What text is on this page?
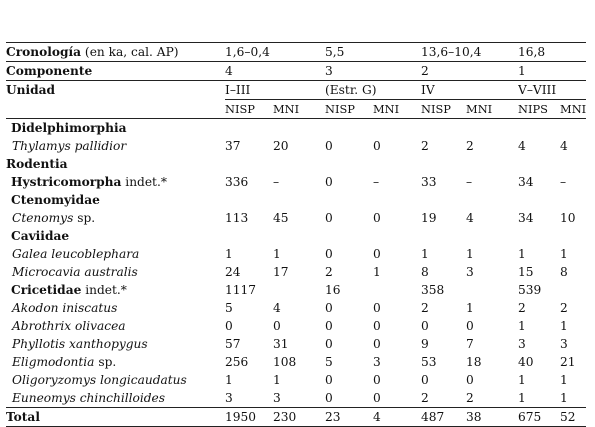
Cronología (en ka, cal. AP)	1,6–0,4		5,5		13,6–10,4		16,8	
Componente	4		3		2		1	
Unidad	I–III		(Estr. G)		IV		V–VIII	
	NISP	MNI	NISP	MNI	NISP	MNI	NIPS	MNI
Didelphimorphia								
Thylamys pallidior	37	20	0	0	2	2	4	4
Rodentia								
Hystricomorpha indet.*	336	–	0	–	33	–	34	–
Ctenomyidae								
Ctenomys sp.	113	45	0	0	19	4	34	10
Caviidae								
Galea leucoblephara	1	1	0	0	1	1	1	1
Microcavia australis	24	17	2	1	8	3	15	8
Cricetidae indet.*	1117		16		358		539	
Akodon iniscatus	5	4	0	0	2	1	2	2
Abrothrix olivacea	0	0	0	0	0	0	1	1
Phyllotis xanthopygus	57	31	0	0	9	7	3	3
Eligmodontia sp.	256	108	5	3	53	18	40	21
Oligoryzomys longicaudatus	1	1	0	0	0	0	1	1
Euneomys chinchilloides	3	3	0	0	2	2	1	1
Total	1950	230	23	4	487	38	675	52
